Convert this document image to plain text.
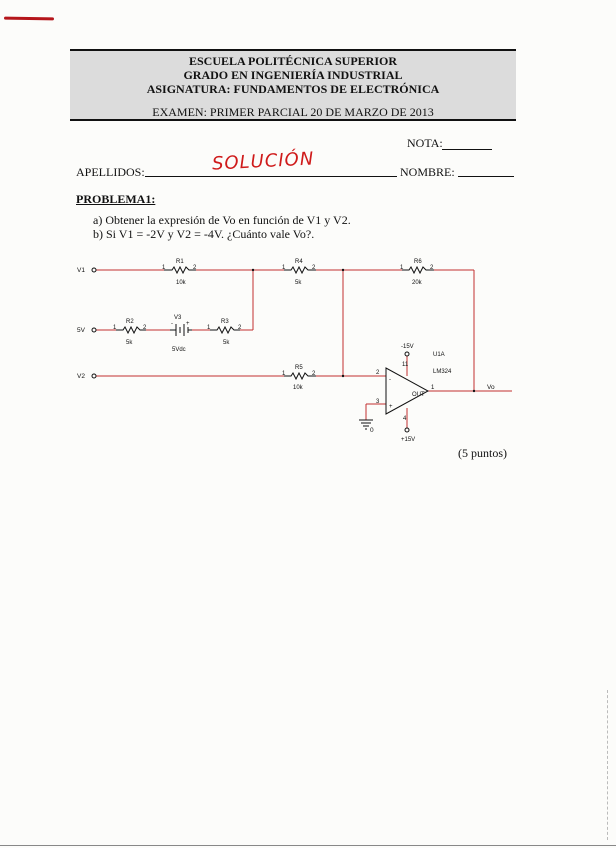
ESCUELA POLITÉCNICA SUPERIOR
GRADO EN INGENIERÍA INDUSTRIAL
ASIGNATURA: FUNDAMENTOS DE ELECTRÓNICA
EXAMEN: PRIMER PARCIAL 20 DE MARZO DE 2013
NOTA:
APELLIDOS:	SOLUCIÓN	NOMBRE:
PROBLEMA1:
a) Obtener la expresión de Vo en función de V1 y V2.
b) Si V1 = -2V y V2 = -4V. ¿Cuánto vale Vo?.
V1
5V
V2
R1
10k
1	2
R2
5k
1	2
V3
5Vdc
+
-	R3
5k
1	2
R4
5k
1	2
R5
10k
1	2
R6
20k
1	2
-15V
+15V
U1A
LM324
OUT
-
+
2
3
1
11
4
0
Vo
(5 puntos)
